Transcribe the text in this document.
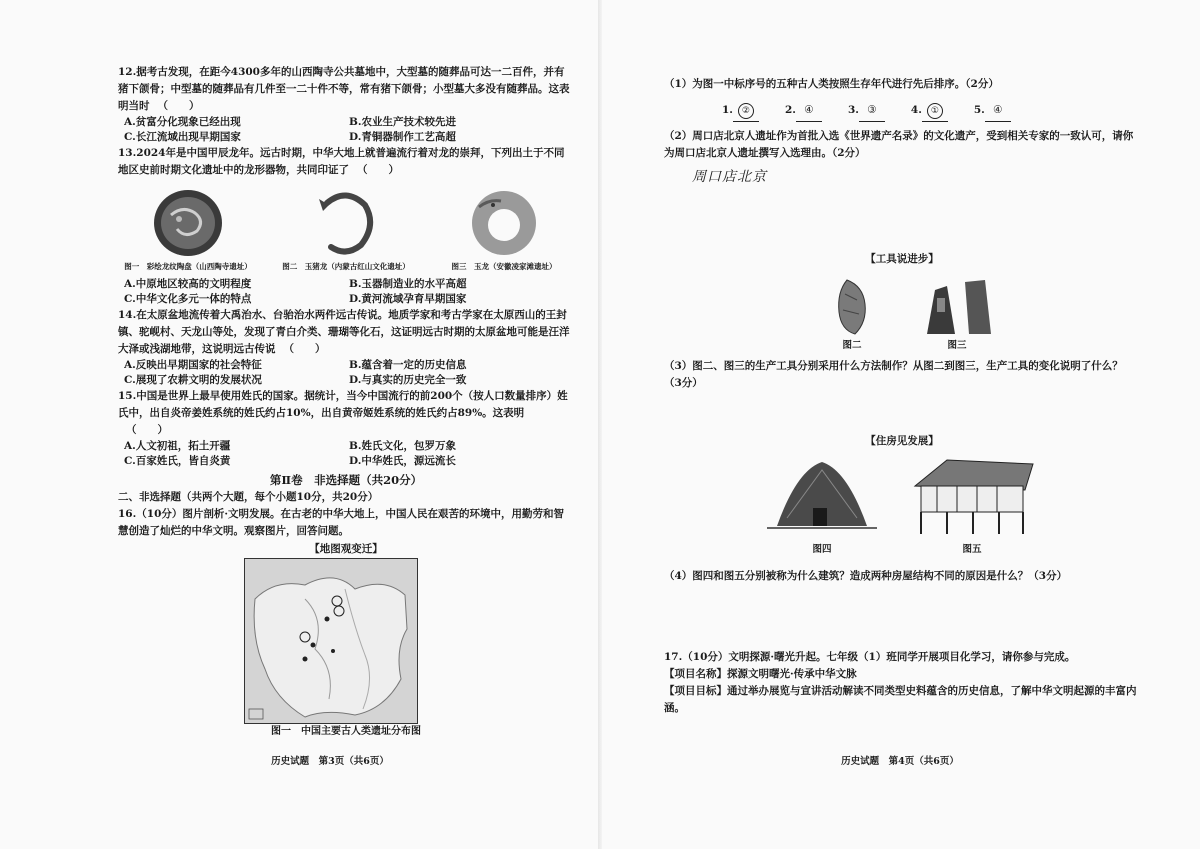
12.据考古发现，在距今4300多年的山西陶寺公共墓地中，大型墓的随葬品可达一二百件，并有猪下颌骨；中型墓的随葬品有几件至一二十件不等，常有猪下颌骨；小型墓大多没有随葬品。这表明当时 （　　）

A.贫富分化现象已经出现	B.农业生产技术较先进
C.长江流域出现早期国家	D.青铜器制作工艺高超

13.2024年是中国甲辰龙年。远古时期，中华大地上就普遍流行着对龙的崇拜，下列出土于不同地区史前时期文化遗址中的龙形器物，共同印证了 （　　）

图一　彩绘龙纹陶盘（山西陶寺遗址）	图二　玉猪龙（内蒙古红山文化遗址）	图三　玉龙（安徽凌家滩遗址）
A.中原地区较高的文明程度	B.玉器制造业的水平高超
C.中华文化多元一体的特点	D.黄河流域孕育早期国家

14.在太原盆地流传着大禹治水、台骀治水两件远古传说。地质学家和考古学家在太原西山的王封镇、驼岘村、天龙山等处，发现了青白介类、珊瑚等化石，这证明远古时期的太原盆地可能是汪洋大泽或浅湖地带，这说明远古传说 （　　）

A.反映出早期国家的社会特征	B.蕴含着一定的历史信息
C.展现了农耕文明的发展状况	D.与真实的历史完全一致

15.中国是世界上最早使用姓氏的国家。据统计，当今中国流行的前200个（按人口数量排序）姓氏中，出自炎帝姜姓系统的姓氏约占10%，出自黄帝姬姓系统的姓氏约占89%。这表明（　　）

A.人文初祖，拓土开疆	B.姓氏文化，包罗万象
C.百家姓氏，皆自炎黄	D.中华姓氏，源远流长
第Ⅱ卷　非选择题（共20分）

二、非选择题（共两个大题，每个小题10分，共20分）

16.（10分）图片剖析·文明发展。在古老的中华大地上，中国人民在艰苦的环境中，用勤劳和智慧创造了灿烂的中华文明。观察图片，回答问题。

【地图观变迁】
图一　中国主要古人类遗址分布图
历史试题　第3页（共6页）

（1）为图一中标序号的五种古人类按照生存年代进行先后排序。（2分）

1. ②	2. ④	3. ③	4. ①	5. ④

（2）周口店北京人遗址作为首批入选《世界遗产名录》的文化遗产，受到相关专家的一致认可，请你为周口店北京人遗址撰写入选理由。（2分）

周口店北京
【工具说进步】
图二	图三

（3）图二、图三的生产工具分别采用什么方法制作？从图二到图三，生产工具的变化说明了什么？（3分）

【住房见发展】
图四	图五

（4）图四和图五分别被称为什么建筑？造成两种房屋结构不同的原因是什么？（3分）

17.（10分）文明探源·曙光升起。七年级（1）班同学开展项目化学习，请你参与完成。

【项目名称】探源文明曙光·传承中华文脉

【项目目标】通过举办展览与宣讲活动解读不同类型史料蕴含的历史信息，了解中华文明起源的丰富内涵。

历史试题　第4页（共6页）
